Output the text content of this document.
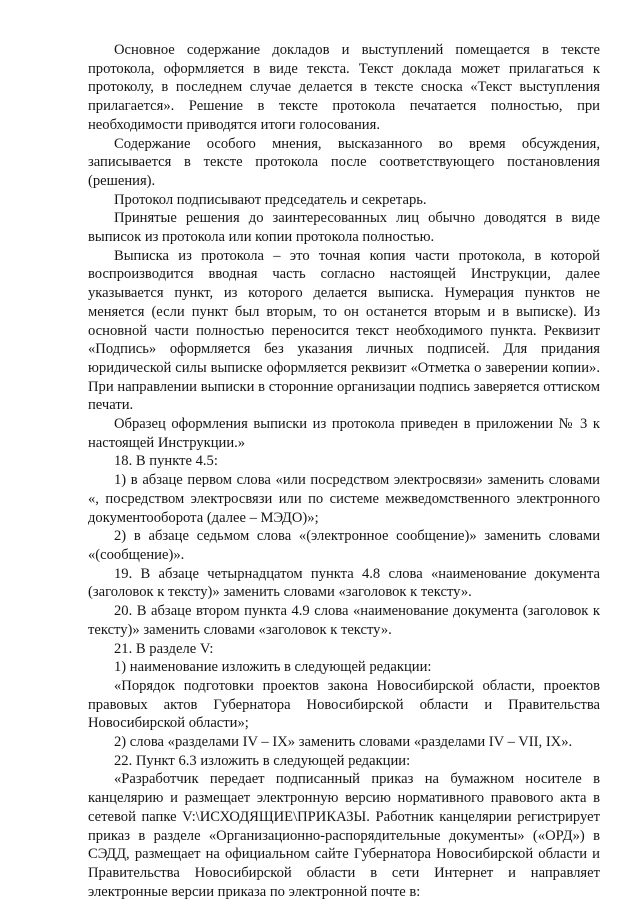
Основное содержание докладов и выступлений помещается в тексте протокола, оформляется в виде текста. Текст доклада может прилагаться к протоколу, в последнем случае делается в тексте сноска «Текст выступления прилагается». Решение в тексте протокола печатается полностью, при необходимости приводятся итоги голосования.

Содержание особого мнения, высказанного во время обсуждения, записывается в тексте протокола после соответствующего постановления (решения).

Протокол подписывают председатель и секретарь.

Принятые решения до заинтересованных лиц обычно доводятся в виде выписок из протокола или копии протокола полностью.

Выписка из протокола – это точная копия части протокола, в которой воспроизводится вводная часть согласно настоящей Инструкции, далее указывается пункт, из которого делается выписка. Нумерация пунктов не меняется (если пункт был вторым, то он останется вторым и в выписке). Из основной части полностью переносится текст необходимого пункта. Реквизит «Подпись» оформляется без указания личных подписей. Для придания юридической силы выписке оформляется реквизит «Отметка о заверении копии». При направлении выписки в сторонние организации подпись заверяется оттиском печати.

Образец оформления выписки из протокола приведен в приложении № 3 к настоящей Инструкции.»

18. В пункте 4.5:

1) в абзаце первом слова «или посредством электросвязи» заменить словами «, посредством электросвязи или по системе межведомственного электронного документооборота (далее – МЭДО)»;

2) в абзаце седьмом слова «(электронное сообщение)» заменить словами «(сообщение)».

19. В абзаце четырнадцатом пункта 4.8 слова «наименование документа (заголовок к тексту)» заменить словами «заголовок к тексту».

20. В абзаце втором пункта 4.9 слова «наименование документа (заголовок к тексту)» заменить словами «заголовок к тексту».

21. В разделе V:

1) наименование изложить в следующей редакции:

«Порядок подготовки проектов закона Новосибирской области, проектов правовых актов Губернатора Новосибирской области и Правительства Новосибирской области»;

2) слова «разделами IV – IX» заменить словами «разделами IV – VII, IX».

22. Пункт 6.3 изложить в следующей редакции:

«Разработчик передает подписанный приказ на бумажном носителе в канцелярию и размещает электронную версию нормативного правового акта в сетевой папке V:\ИСХОДЯЩИЕ\ПРИКАЗЫ. Работник канцелярии регистрирует приказ в разделе «Организационно-распорядительные документы» («ОРД») в СЭДД, размещает на официальном сайте Губернатора Новосибирской области и Правительства Новосибирской области в сети Интернет и направляет электронные версии приказа по электронной почте в:
